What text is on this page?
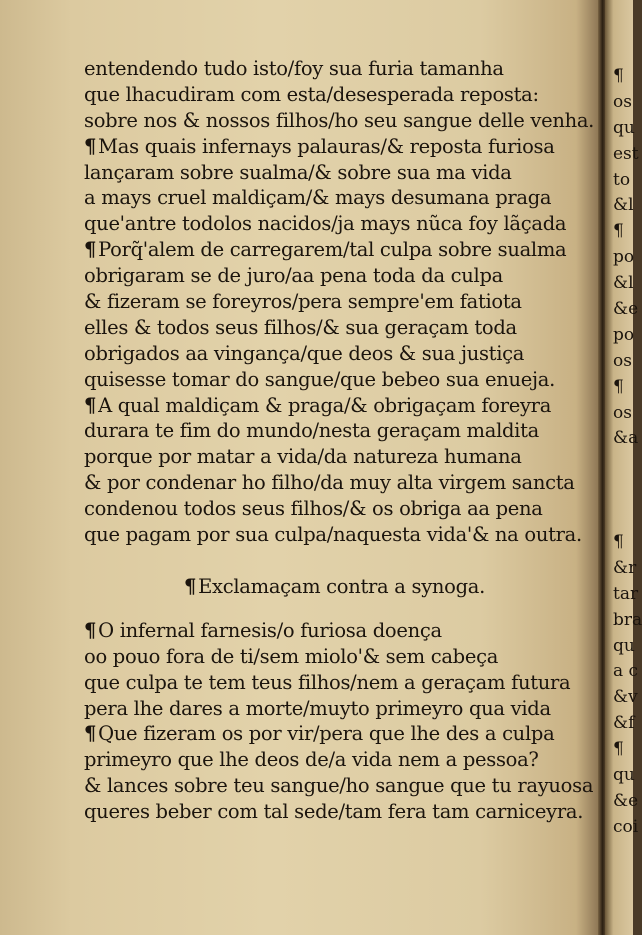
entendendo tudo isto/foy sua furia tamanha
que lhacudiram com esta/desesperada reposta:
sobre nos & nossos filhos/ho seu sangue delle venha.
¶ Mas quais infernays palauras/& reposta furiosa
lançaram sobre sualma/& sobre sua ma vida
a mays cruel maldiçam/& mays desumana praga
que'antre todolos nacidos/ja mays nũca foy lãçada
¶ Porq̃'alem de carregarem/tal culpa sobre sualma
obrigaram se de juro/aa pena toda da culpa
& fizeram se foreyros/pera sempre'em fatiota
elles & todos seus filhos/& sua geraçam toda
obrigados aa vingança/que deos & sua justiça
quisesse tomar do sangue/que bebeo sua enueja.
¶ A qual maldiçam & praga/& obrigaçam foreyra
durara te fim do mundo/nesta geraçam maldita
porque por matar a vida/da natureza humana
& por condenar ho filho/da muy alta virgem sancta
condenou todos seus filhos/& os obriga aa pena
que pagam por sua culpa/naquesta vida'& na outra.
¶ Exclamaçam contra a synoga.
¶ O infernal farnesis/o furiosa doença
oo pouo fora de ti/sem miolo'& sem cabeça
que culpa te tem teus filhos/nem a geraçam futura
pera lhe dares a morte/muyto primeyro qua vida
¶ Que fizeram os por vir/pera que lhe des a culpa
primeyro que lhe deos de/a vida nem a pessoa?
& lances sobre teu sangue/ho sangue que tu rayuosa
queres beber com tal sede/tam fera tam carniceyra.
¶
os
qu
est
to
&l
¶
po
&l
&e
po
os
¶
os
&a
¶
&r
tar
bra
qu
a c
&v
&f
¶
qu
&e
coi
